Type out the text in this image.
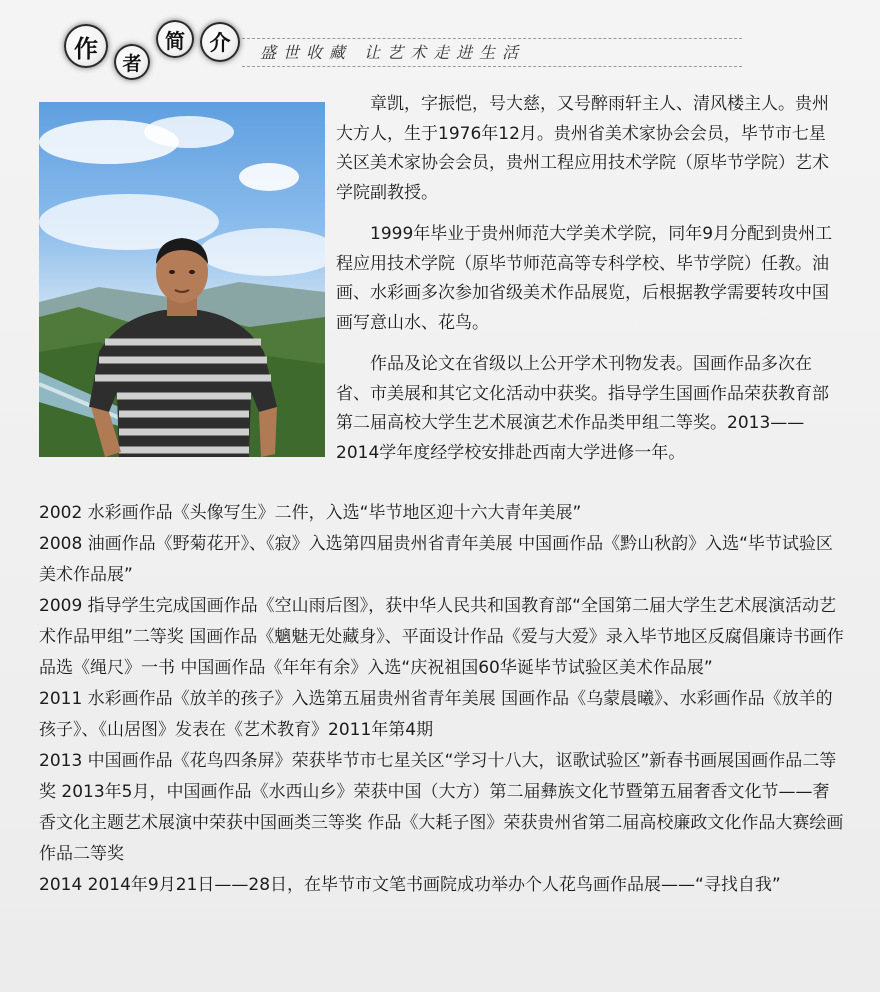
作
者
简	介	盛世收藏 让艺术走进生活

章凯，字振恺，号大慈，又号醉雨轩主人、清风楼主人。贵州大方人，生于1976年12月。贵州省美术家协会会员，毕节市七星关区美术家协会会员，贵州工程应用技术学院（原毕节学院）艺术学院副教授。

1999年毕业于贵州师范大学美术学院，同年9月分配到贵州工程应用技术学院（原毕节师范高等专科学校、毕节学院）任教。油画、水彩画多次参加省级美术作品展览，后根据教学需要转攻中国画写意山水、花鸟。

作品及论文在省级以上公开学术刊物发表。国画作品多次在省、市美展和其它文化活动中获奖。指导学生国画作品荣获教育部第二届高校大学生艺术展演艺术作品类甲组二等奖。2013——2014学年度经学校安排赴西南大学进修一年。

2002 水彩画作品《头像写生》二件，入选“毕节地区迎十六大青年美展”

2008 油画作品《野菊花开》、《寂》入选第四届贵州省青年美展 中国画作品《黔山秋韵》入选“毕节试验区美术作品展”

2009 指导学生完成国画作品《空山雨后图》，获中华人民共和国教育部“全国第二届大学生艺术展演活动艺术作品甲组”二等奖 国画作品《魑魅无处藏身》、平面设计作品《爱与大爱》录入毕节地区反腐倡廉诗书画作品选《绳尺》一书 中国画作品《年年有余》入选“庆祝祖国60华诞毕节试验区美术作品展”

2011 水彩画作品《放羊的孩子》入选第五届贵州省青年美展 国画作品《乌蒙晨曦》、水彩画作品《放羊的孩子》、《山居图》发表在《艺术教育》2011年第4期

2013 中国画作品《花鸟四条屏》荣获毕节市七星关区“学习十八大，讴歌试验区”新春书画展国画作品二等奖 2013年5月，中国画作品《水西山乡》荣获中国（大方）第二届彝族文化节暨第五届奢香文化节——奢香文化主题艺术展演中荣获中国画类三等奖 作品《大耗子图》荣获贵州省第二届高校廉政文化作品大赛绘画作品二等奖

2014 2014年9月21日——28日，在毕节市文笔书画院成功举办个人花鸟画作品展——“寻找自我”
